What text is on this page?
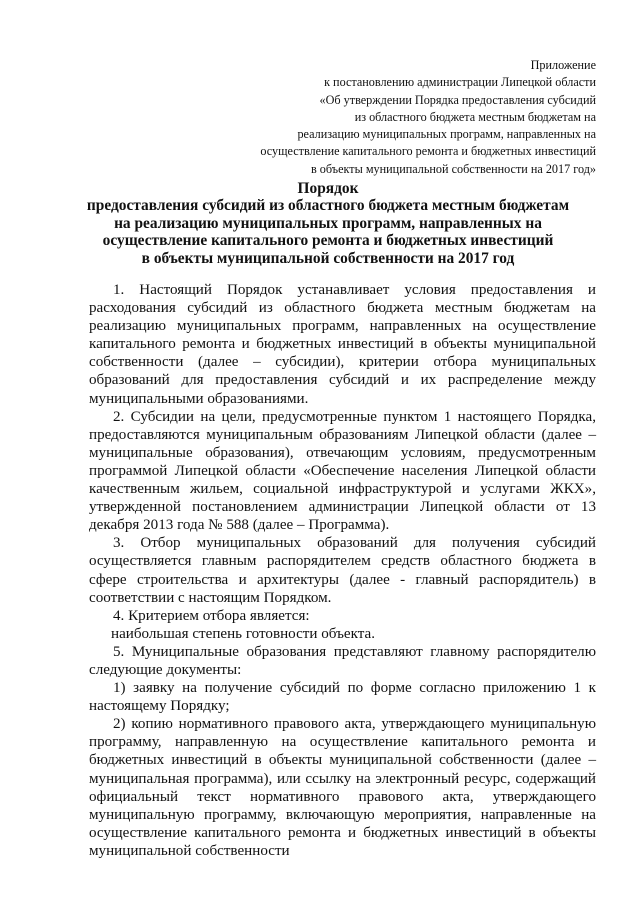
Приложение
к постановлению администрации Липецкой области
«Об утверждении Порядка предоставления субсидий
из областного бюджета местным бюджетам на
реализацию муниципальных программ, направленных на
осуществление капитального ремонта и бюджетных инвестиций
в объекты муниципальной собственности на 2017 год»
Порядок
предоставления субсидий из областного бюджета местным бюджетам
на реализацию муниципальных программ, направленных на
осуществление капитального ремонта и бюджетных инвестиций
в объекты муниципальной собственности на 2017 год

1. Настоящий Порядок устанавливает условия предоставления и расходования субсидий из областного бюджета местным бюджетам на реализацию муниципальных программ, направленных на осуществление капитального ремонта и бюджетных инвестиций в объекты муниципальной собственности (далее – субсидии), критерии отбора муниципальных образований для предоставления субсидий и их распределение между муниципальными образованиями.

2. Субсидии на цели, предусмотренные пунктом 1 настоящего Порядка, предоставляются муниципальным образованиям Липецкой области (далее – муниципальные образования), отвечающим условиям, предусмотренным программой Липецкой области «Обеспечение населения Липецкой области качественным жильем, социальной инфраструктурой и услугами ЖКХ», утвержденной постановлением администрации Липецкой области от 13 декабря 2013 года № 588 (далее – Программа).

3. Отбор муниципальных образований для получения субсидий осуществляется главным распорядителем средств областного бюджета в сфере строительства и архитектуры (далее - главный распорядитель) в соответствии с настоящим Порядком.

4. Критерием отбора является:

наибольшая степень готовности объекта.

5. Муниципальные образования представляют главному распорядителю следующие документы:

1) заявку на получение субсидий по форме согласно приложению 1 к настоящему Порядку;

2) копию нормативного правового акта, утверждающего муниципальную программу, направленную на осуществление капитального ремонта и бюджетных инвестиций в объекты муниципальной собственности (далее – муниципальная программа), или ссылку на электронный ресурс, содержащий официальный текст нормативного правового акта, утверждающего муниципальную программу, включающую мероприятия, направленные на осуществление капитального ремонта и бюджетных инвестиций в объекты муниципальной собственности
